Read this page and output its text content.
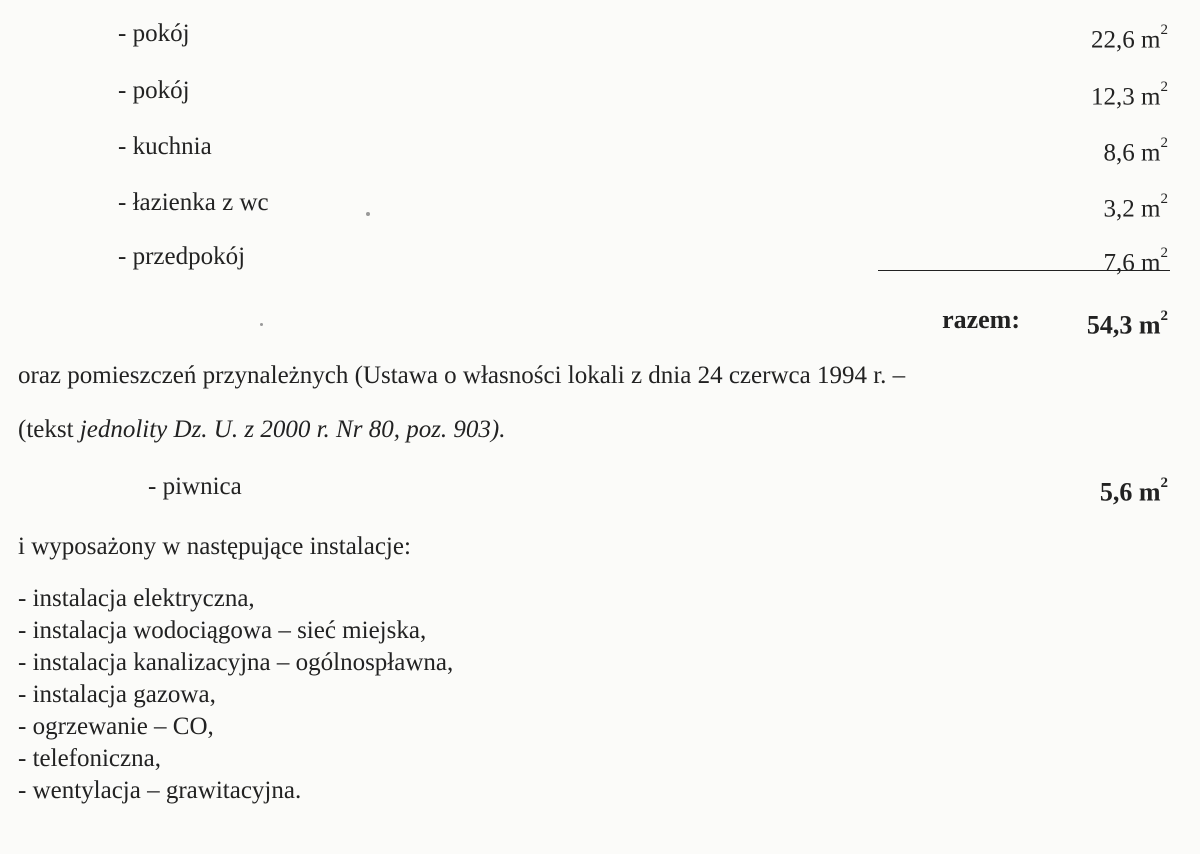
- pokój	22,6 $m^2$
- pokój	12,3 $m^2$
- kuchnia	8,6 $m^2$
- łazienka z wc	3,2 $m^2$
- przedpokój	7,6 $m^2$
razem:	54,3 $m^2$
oraz pomieszczeń przynależnych (Ustawa o własności lokali z dnia 24 czerwca 1994 r. –
(tekst jednolity Dz. U. z 2000 r. Nr 80, poz. 903).
- piwnica	5,6 $m^2$
i wyposażony w następujące instalacje:
- instalacja elektryczna,
- instalacja wodociągowa – sieć miejska,
- instalacja kanalizacyjna – ogólnospławna,
- instalacja gazowa,
- ogrzewanie – CO,
- telefoniczna,
- wentylacja – grawitacyjna.
